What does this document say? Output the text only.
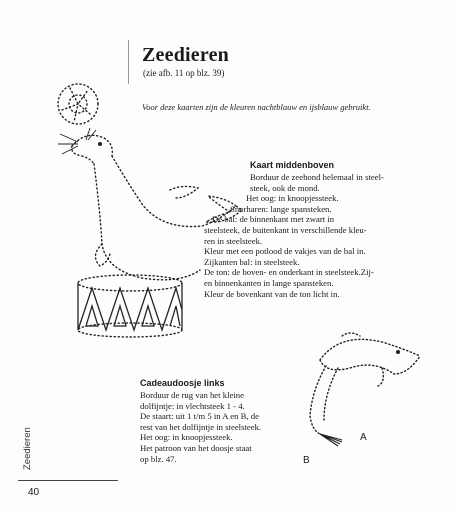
Zeedieren
(zie afb. 11 op blz. 39)
Voor deze kaarten zijn de kleuren nachtblauw en ijsblauw gebruikt.
Kaart middenboven
Borduur de zeehond helemaal in steel-
steek, ook de mond.
Het oog: in knoopjessteek.
Snorharen: lange spansteken.
De bal: de binnenkant met zwart in
steelsteek, de buitenkant in verschillende kleu-
ren in steelsteek.
Kleur met een potlood de vakjes van de bal in.
Zijkanten bal: in steelsteek.
De ton: de boven- en onderkant in steelsteek.Zij-
en binnenkanten in lange spansteken.
Kleur de bovenkant van de ton licht in.
A
B
Cadeaudoosje links
Borduur de rug van het kleine
dolfijntje: in vlechtsteek 1 - 4.
De staart: uit 1 t/m 5 in A en B, de
rest van het dolfijntje in steelsteek.
Het oog: in knoopjessteek.
Het patroon van het doosje staat
op blz. 47.
Zeedieren
40
